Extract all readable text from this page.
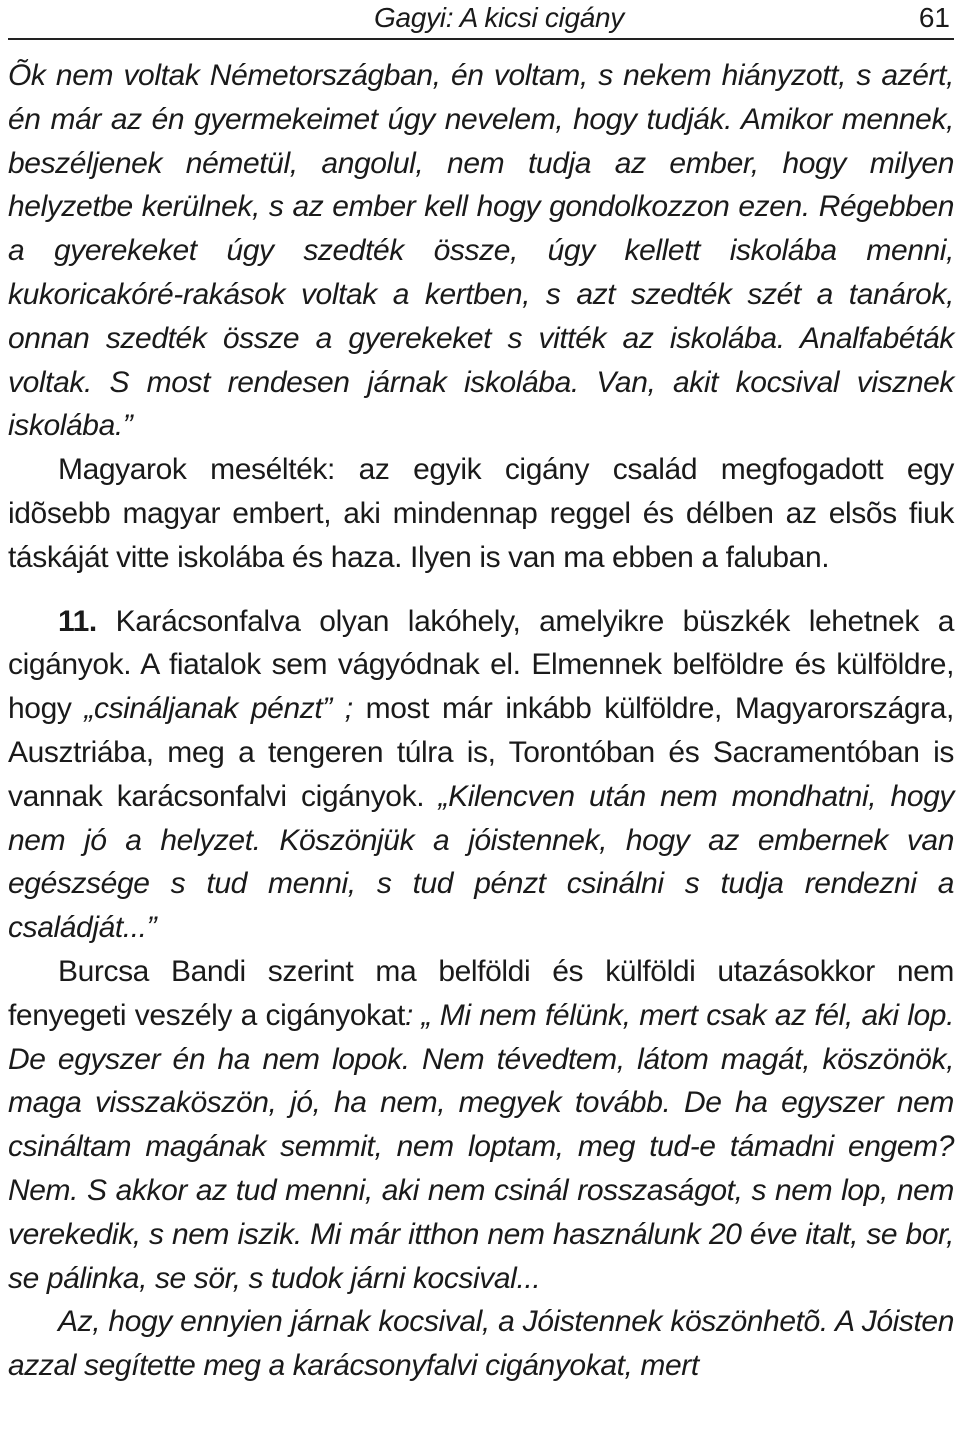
Gagyi: A kicsi cigány	61

Õk nem voltak Németországban, én voltam, s nekem hiányzott, s azért, én már az én gyermekeimet úgy nevelem, hogy tudják. Amikor mennek, beszéljenek németül, angolul, nem tudja az ember, hogy milyen helyzetbe kerülnek, s az ember kell hogy gondolkozzon ezen. Régebben a gyerekeket úgy szedték össze, úgy kellett iskolába menni, kukoricakóré-rakások voltak a kertben, s azt szedték szét a tanárok, onnan szedték össze a gyerekeket s vitték az iskolába. Analfabéták voltak. S most rendesen járnak iskolába. Van, akit kocsival visznek iskolába.”

Magyarok mesélték: az egyik cigány család megfogadott egy idõsebb magyar embert, aki mindennap reggel és délben az elsõs fiuk táskáját vitte iskolába és haza. Ilyen is van ma ebben a faluban.

11. Karácsonfalva olyan lakóhely, amelyikre büszkék lehetnek a cigányok. A fiatalok sem vágyódnak el. Elmennek belföldre és külföldre, hogy „csináljanak pénzt” ; most már inkább külföldre, Magyarországra, Ausztriába, meg a tengeren túlra is, Torontóban és Sacramentóban is vannak karácsonfalvi cigányok. „Kilencven után nem mondhatni, hogy nem jó a helyzet. Köszönjük a jóistennek, hogy az embernek van egészsége s tud menni, s tud pénzt csinálni s tudja rendezni a családját...”

Burcsa Bandi szerint ma belföldi és külföldi utazásokkor nem fenyegeti veszély a cigányokat: „ Mi nem félünk, mert csak az fél, aki lop. De egyszer én ha nem lopok. Nem tévedtem, látom magát, köszönök, maga visszaköszön, jó, ha nem, megyek tovább. De ha egyszer nem csináltam magának semmit, nem loptam, meg tud-e támadni engem? Nem. S akkor az tud menni, aki nem csinál rosszaságot, s nem lop, nem verekedik, s nem iszik. Mi már itthon nem használunk 20 éve italt, se bor, se pálinka, se sör, s tudok járni kocsival...

Az, hogy ennyien járnak kocsival, a Jóistennek köszönhetõ. A Jóisten azzal segítette meg a karácsonyfalvi cigányokat, mert
